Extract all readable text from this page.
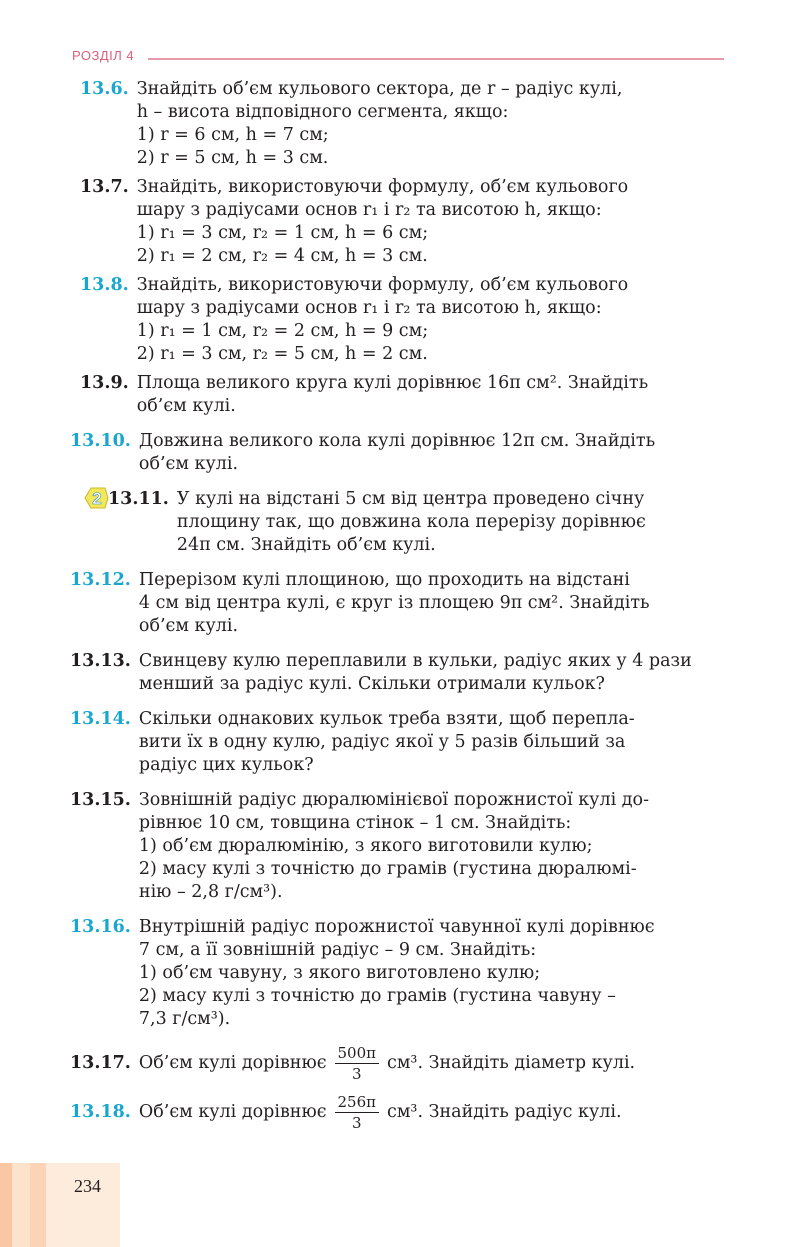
РОЗДІЛ 4
13.6. Знайдіть об’єм кульового сектора, де r – радіус кулі,
h – висота відповідного сегмента, якщо:
1) r = 6 см, h = 7 см;
2) r = 5 см, h = 3 см.
13.7. Знайдіть, використовуючи формулу, об’єм кульового
шару з радіусами основ r₁ і r₂ та висотою h, якщо:
1) r₁ = 3 см, r₂ = 1 см, h = 6 см;
2) r₁ = 2 см, r₂ = 4 см, h = 3 см.
13.8. Знайдіть, використовуючи формулу, об’єм кульового
шару з радіусами основ r₁ і r₂ та висотою h, якщо:
1) r₁ = 1 см, r₂ = 2 см, h = 9 см;
2) r₁ = 3 см, r₂ = 5 см, h = 2 см.
13.9. Площа великого круга кулі дорівнює 16π см². Знайдіть
об’єм кулі.
13.10. Довжина великого кола кулі дорівнює 12π см. Знайдіть
об’єм кулі.
2 13.11. У кулі на відстані 5 см від центра проведено січну
площину так, що довжина кола перерізу дорівнює
24π см. Знайдіть об’єм кулі.
13.12. Перерізом кулі площиною, що проходить на відстані
4 см від центра кулі, є круг із площею 9π см². Знайдіть
об’єм кулі.
13.13. Свинцеву кулю переплавили в кульки, радіус яких у 4 рази
менший за радіус кулі. Скільки отримали кульок?
13.14. Скільки однакових кульок треба взяти, щоб перепла-
вити їх в одну кулю, радіус якої у 5 разів більший за
радіус цих кульок?
13.15. Зовнішній радіус дюралюмінієвої порожнистої кулі до-
рівнює 10 см, товщина стінок – 1 см. Знайдіть:
1) об’єм дюралюмінію, з якого виготовили кулю;
2) масу кулі з точністю до грамів (густина дюралюмі-
нію – 2,8 г/см³).
13.16. Внутрішній радіус порожнистої чавунної кулі дорівнює
7 см, а її зовнішній радіус – 9 см. Знайдіть:
1) об’єм чавуну, з якого виготовлено кулю;
2) масу кулі з точністю до грамів (густина чавуну –
7,3 г/см³).
13.17. Об’єм кулі дорівнює $\frac{500\pi}{3} см^3$. Знайдіть діаметр кулі.
13.18. Об’єм кулі дорівнює $\frac{256\pi}{3} см^3$. Знайдіть радіус кулі.
234
